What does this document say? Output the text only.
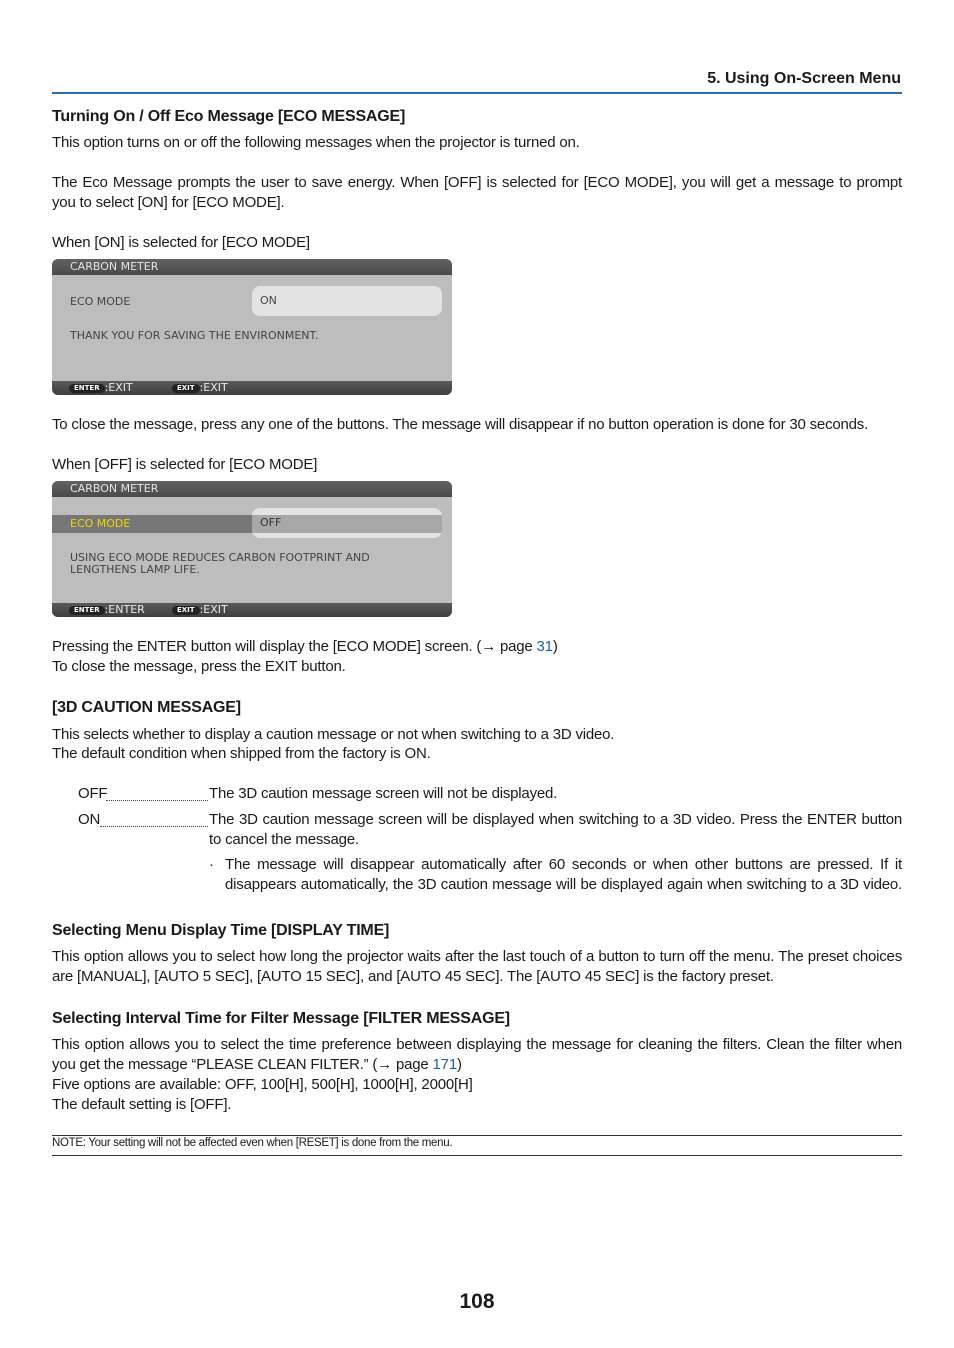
5. Using On-Screen Menu
Turning On / Off Eco Message [ECO MESSAGE]
This option turns on or off the following messages when the projector is turned on.
The Eco Message prompts the user to save energy. When [OFF] is selected for [ECO MODE], you will get a message to prompt you to select [ON] for [ECO MODE].
When [ON] is selected for [ECO MODE]
CARBON METER
ECO MODE	ON
THANK YOU FOR SAVING THE ENVIRONMENT.
ENTER :EXIT	EXIT :EXIT
To close the message, press any one of the buttons. The message will disappear if no button operation is done for 30 seconds.
When [OFF] is selected for [ECO MODE]
CARBON METER
ECO MODE	OFF
USING ECO MODE REDUCES CARBON FOOTPRINT AND
LENGTHENS LAMP LIFE.
ENTER :ENTER	EXIT :EXIT
Pressing the ENTER button will display the [ECO MODE] screen. (→ page 31)
To close the message, press the EXIT button.
[3D CAUTION MESSAGE]
This selects whether to display a caution message or not when switching to a 3D video.
The default condition when shipped from the factory is ON.
OFF	The 3D caution message screen will not be displayed.
ON	The 3D caution message screen will be displayed when switching to a 3D video. Press the ENTER button
to cancel the message.
· The message will disappear automatically after 60 seconds or when other buttons are pressed. If it
disappears automatically, the 3D caution message will be displayed again when switching to a 3D video.
Selecting Menu Display Time [DISPLAY TIME]
This option allows you to select how long the projector waits after the last touch of a button to turn off the menu. The preset choices are [MANUAL], [AUTO 5 SEC], [AUTO 15 SEC], and [AUTO 45 SEC]. The [AUTO 45 SEC] is the factory preset.
Selecting Interval Time for Filter Message [FILTER MESSAGE]
This option allows you to select the time preference between displaying the message for cleaning the filters. Clean the filter when you get the message “PLEASE CLEAN FILTER.” (→ page 171)
Five options are available: OFF, 100[H], 500[H], 1000[H], 2000[H]
The default setting is [OFF].
NOTE: Your setting will not be affected even when [RESET] is done from the menu.
108
